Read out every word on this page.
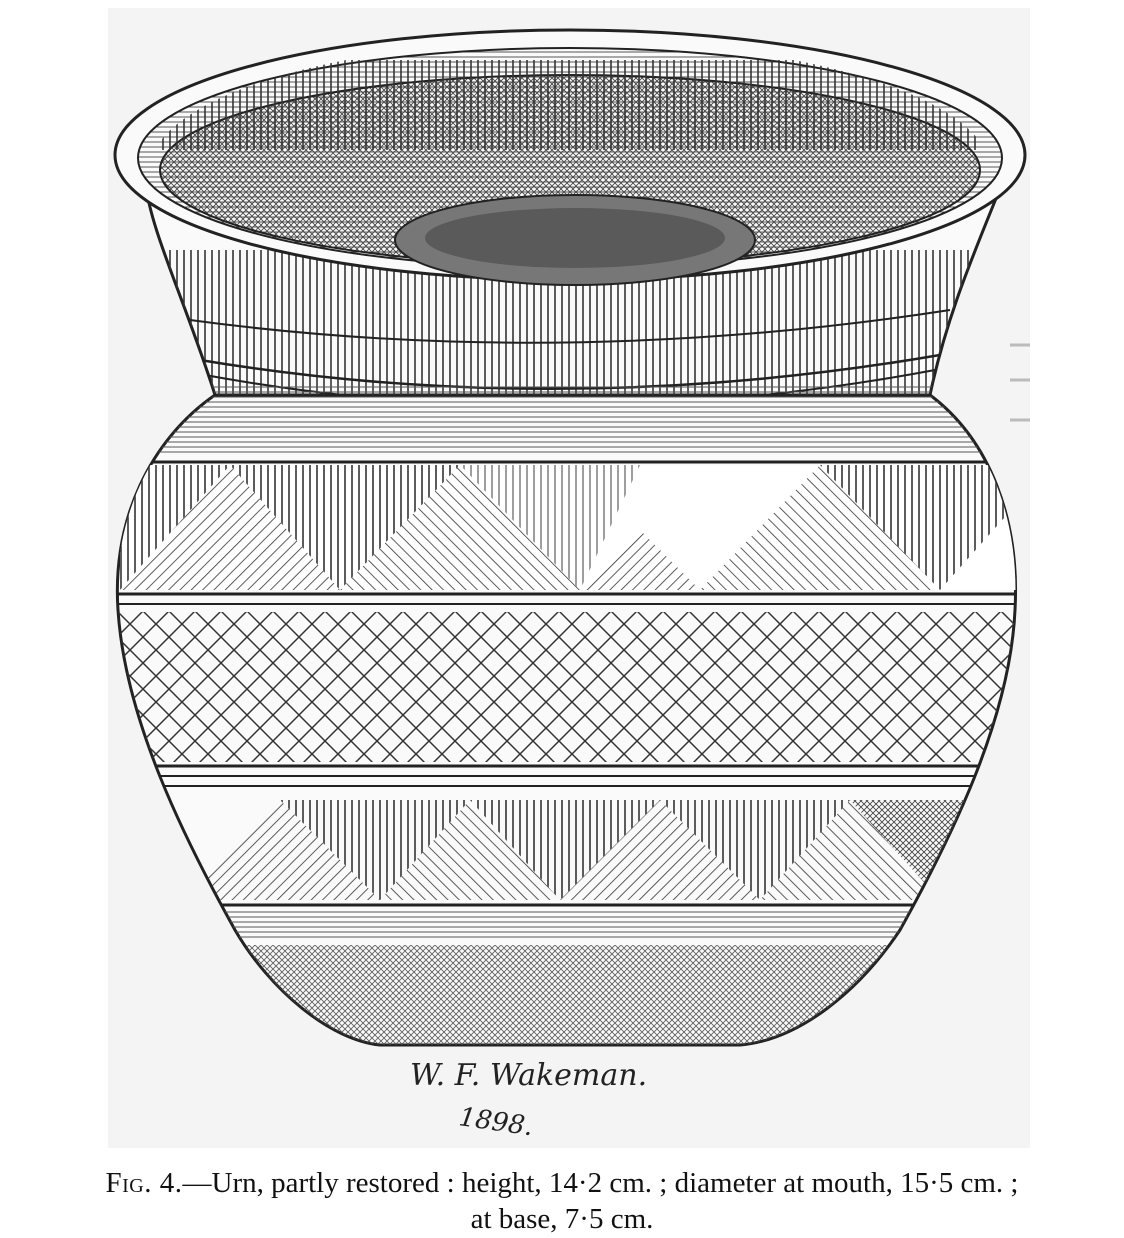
W. F. Wakeman.
1898.
Fig. 4.—Urn, partly restored : height, 14·2 cm. ; diameter at mouth, 15·5 cm. ;
at base, 7·5 cm.
